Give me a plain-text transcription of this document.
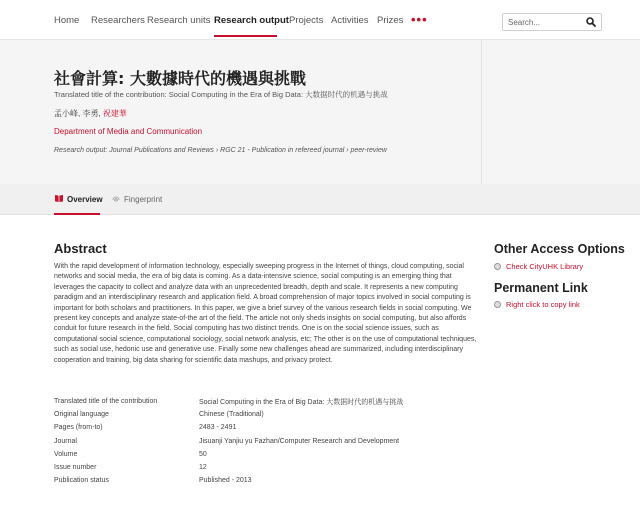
Home Researchers Research units Research output Projects Activities Prizes •••
Search...
社會計算: 大數據時代的機遇與挑戰
Translated title of the contribution: Social Computing in the Era of Big Data: 大数据时代的机遇与挑战
孟小峰, 李勇, 祝建華
Department of Media and Communication
Research output: Journal Publications and Reviews › RGC 21 - Publication in refereed journal › peer-review
Overview	Fingerprint
Abstract

With the rapid development of information technology, especially sweeping progress in the Internet of things, cloud computing, social networks and social media, the era of big data is coming. As a data-intensive science, social computing is an emerging thing that leverages the capacity to collect and analyze data with an unprecedented breadth, depth and scale. It represents a new computing paradigm and an interdisciplinary research and application field. A broad comprehension of major topics involved in social computing is important for both scholars and practitioners. In this paper, we give a brief survey of the various research fields in social computing. We present key concepts and analyze state-of-the art of the field. The article not only sheds insights on social computing, but also affords conduit for future research in the field. Social computing has two distinct trends. One is on the social science issues, such as computational social science, computational sociology, social network analysis, etc; The other is on the use of computational techniques, such as social use, hedonic use and generative use. Finally some new challenges ahead are summarized, including interdisciplinary cooperation and training, big data sharing for scientific data mashups, and privacy protect.

Other Access Options
Check CityUHK Library
Permanent Link
Right click to copy link
Translated title of the contribution	Social Computing in the Era of Big Data: 大数据时代的机遇与挑战
Original language	Chinese (Traditional)
Pages (from-to)	2483 - 2491
Journal	Jisuanji Yanjiu yu Fazhan/Computer Research and Development
Volume	50
Issue number	12
Publication status	Published - 2013
